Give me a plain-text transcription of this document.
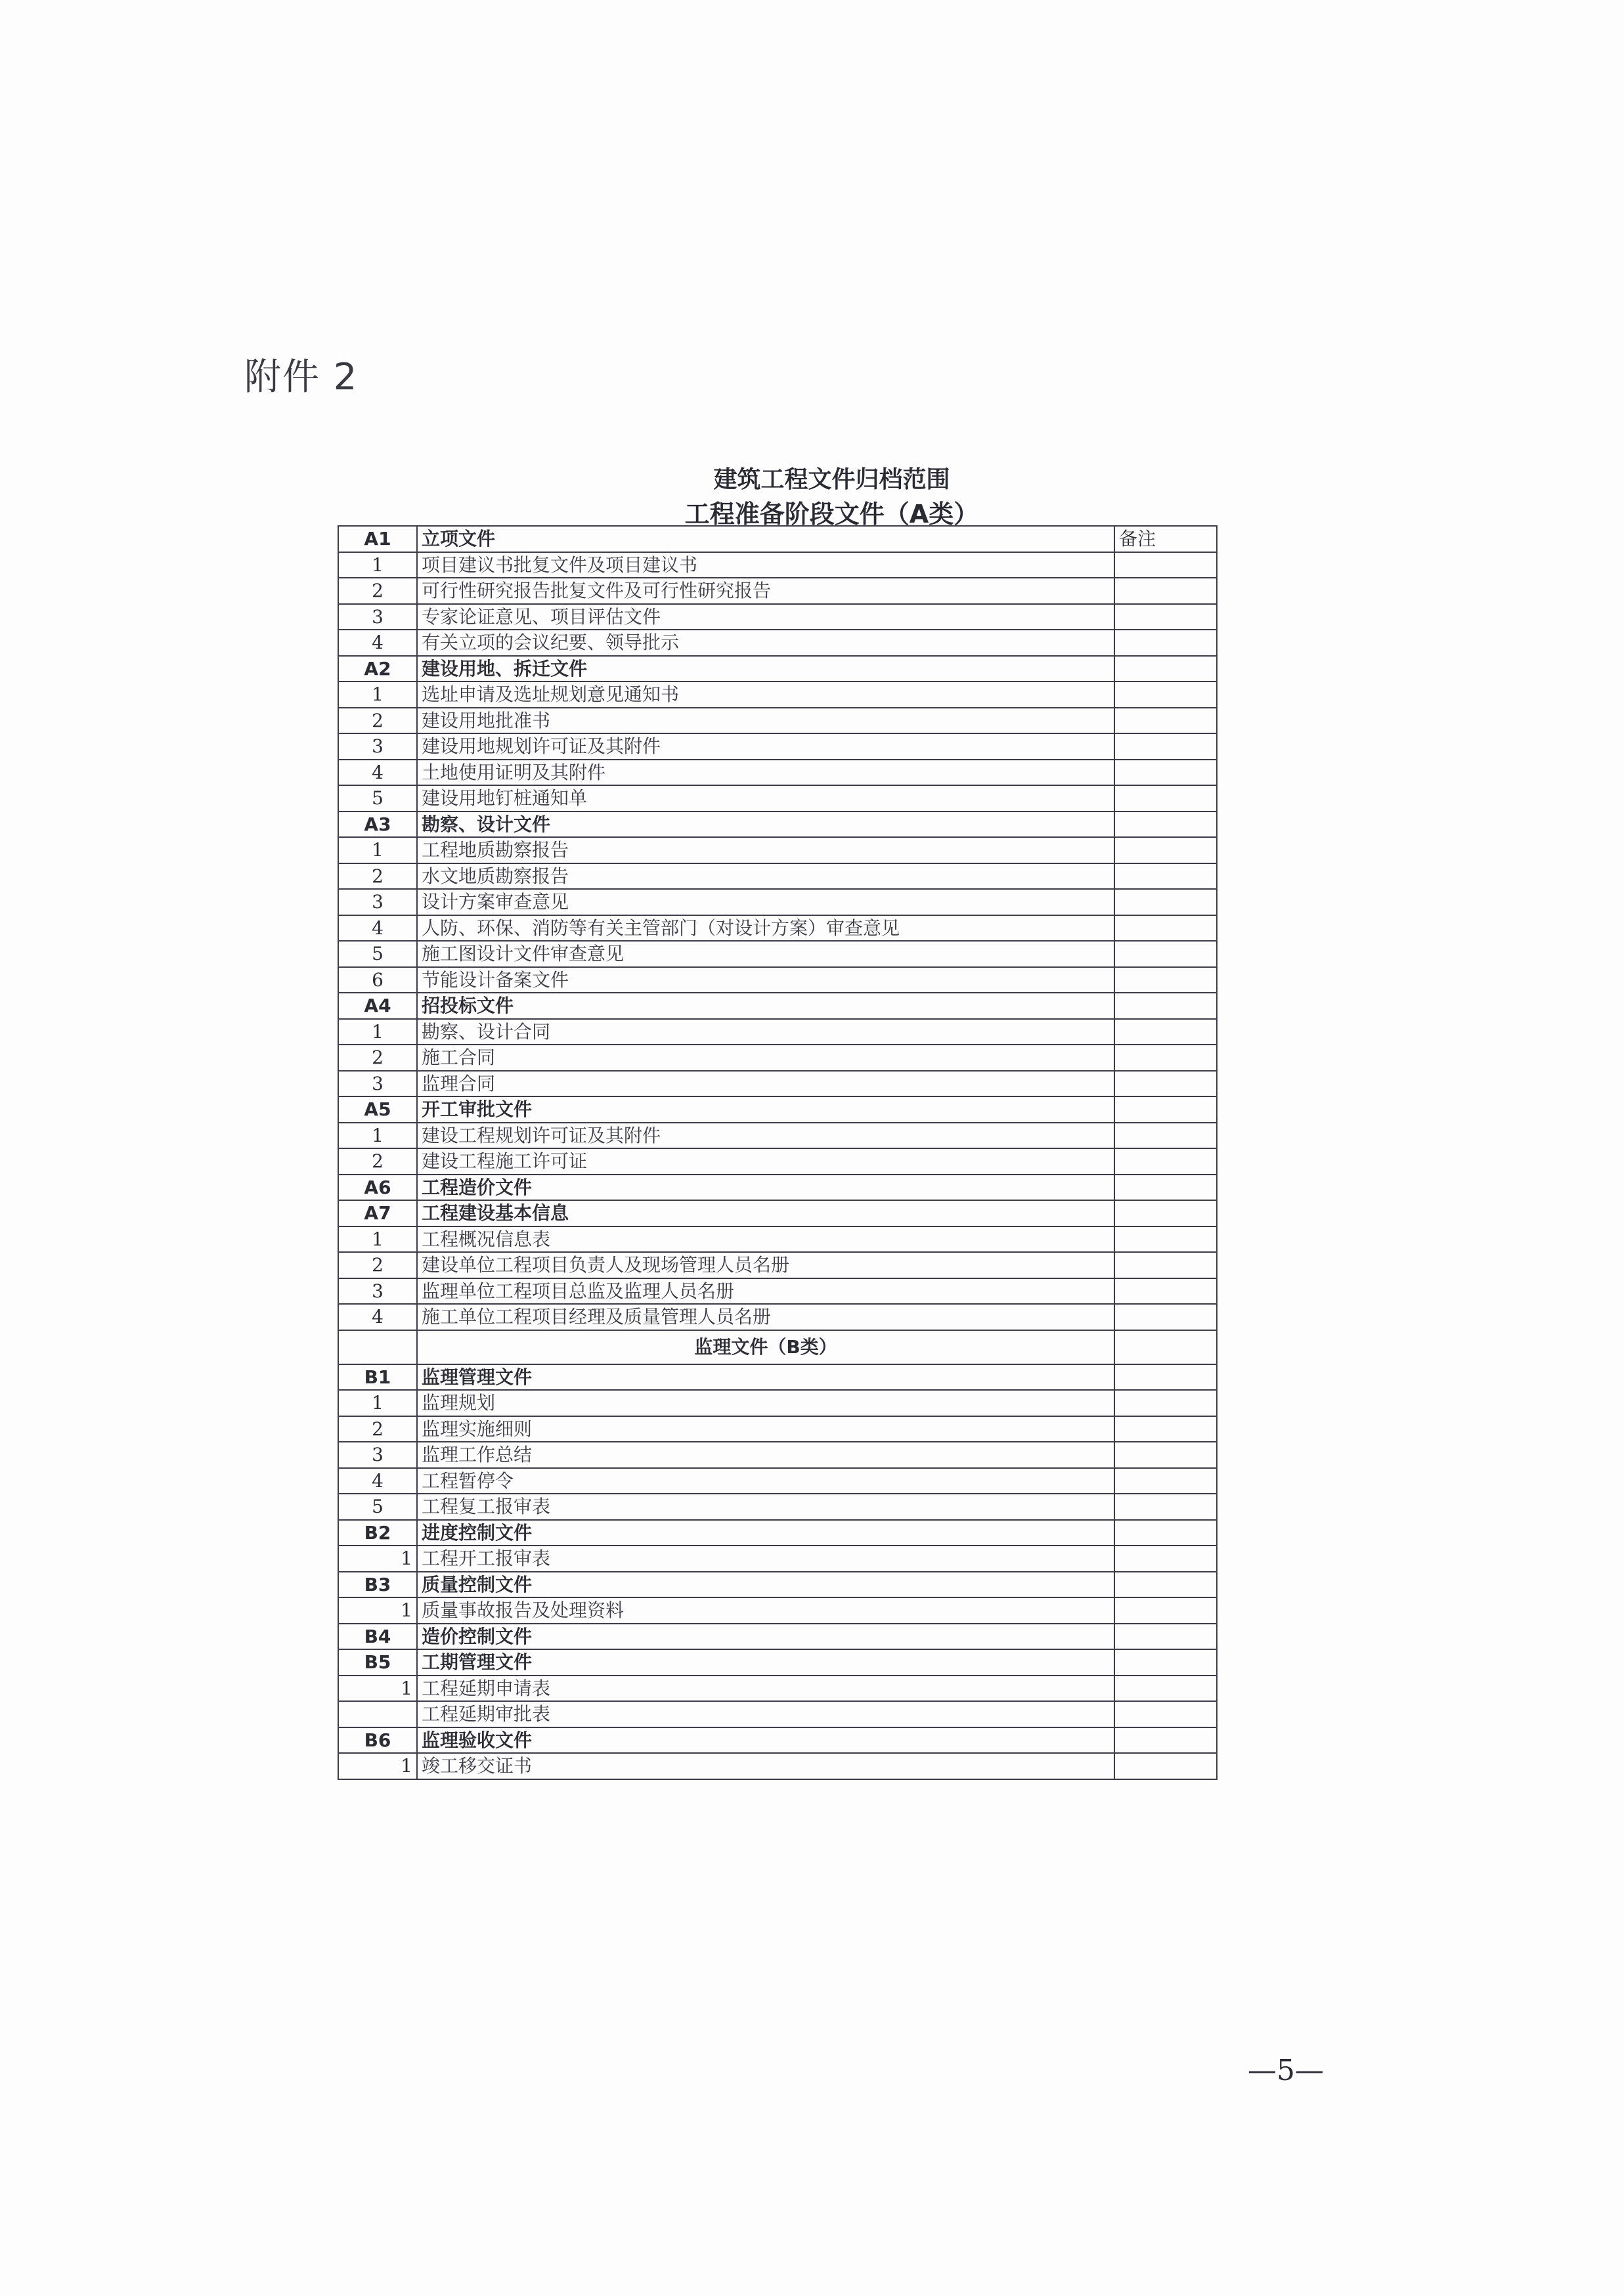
附件 2
建筑工程文件归档范围
工程准备阶段文件（A类）
A1	立项文件	备注
1	项目建议书批复文件及项目建议书	
2	可行性研究报告批复文件及可行性研究报告	
3	专家论证意见、项目评估文件	
4	有关立项的会议纪要、领导批示	
A2	建设用地、拆迁文件	
1	选址申请及选址规划意见通知书	
2	建设用地批准书	
3	建设用地规划许可证及其附件	
4	土地使用证明及其附件	
5	建设用地钉桩通知单	
A3	勘察、设计文件	
1	工程地质勘察报告	
2	水文地质勘察报告	
3	设计方案审查意见	
4	人防、环保、消防等有关主管部门（对设计方案）审查意见	
5	施工图设计文件审查意见	
6	节能设计备案文件	
A4	招投标文件	
1	勘察、设计合同	
2	施工合同	
3	监理合同	
A5	开工审批文件	
1	建设工程规划许可证及其附件	
2	建设工程施工许可证	
A6	工程造价文件	
A7	工程建设基本信息	
1	工程概况信息表	
2	建设单位工程项目负责人及现场管理人员名册	
3	监理单位工程项目总监及监理人员名册	
4	施工单位工程项目经理及质量管理人员名册	
	监理文件（B类）	
B1	监理管理文件	
1	监理规划	
2	监理实施细则	
3	监理工作总结	
4	工程暂停令	
5	工程复工报审表	
B2	进度控制文件	
1	工程开工报审表	
B3	质量控制文件	
1	质量事故报告及处理资料	
B4	造价控制文件	
B5	工期管理文件	
1	工程延期申请表	
	工程延期审批表	
B6	监理验收文件	
1	竣工移交证书	
—5—
